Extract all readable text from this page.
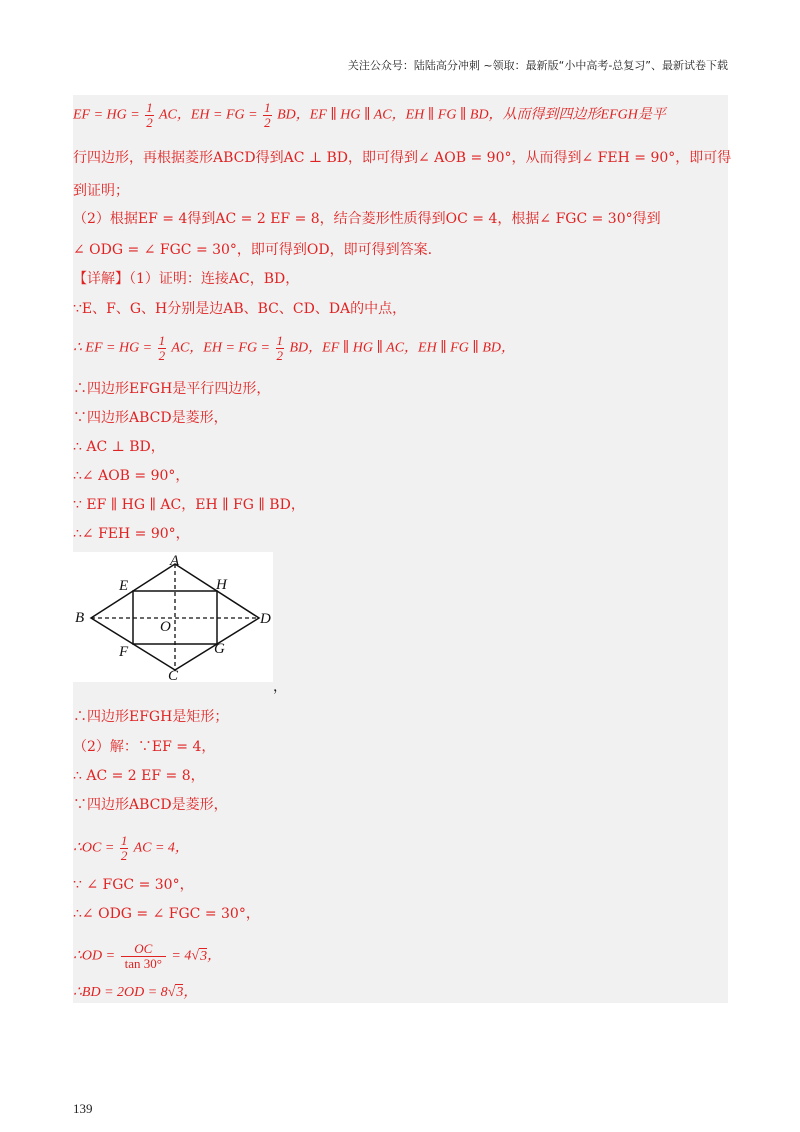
关注公众号：陆陆高分冲刺 ~领取：最新版“小中高考-总复习”、最新试卷下载
EF = HG = $\frac{1}{2}$ AC，EH = FG = $\frac{1}{2}$ BD，EF ∥ HG ∥ AC，EH ∥ FG ∥ BD，从而得到四边形EFGH是平
行四边形，再根据菱形ABCD得到AC ⊥ BD，即可得到∠ AOB = 90°，从而得到∠ FEH = 90°，即可得
到证明；
（2）根据EF = 4得到AC = 2 EF = 8，结合菱形性质得到OC = 4，根据∠ FGC = 30°得到
∠ ODG = ∠ FGC = 30°，即可得到OD，即可得到答案.
【详解】（1）证明：连接AC，BD，
∵E、F、G、H分别是边AB、BC、CD、DA的中点，
∴ EF = HG = $\frac{1}{2}$ AC，EH = FG = $\frac{1}{2}$ BD，EF ∥ HG ∥ AC，EH ∥ FG ∥ BD，
∴四边形EFGH是平行四边形，
∵四边形ABCD是菱形，
∴ AC ⊥ BD，
∴∠ AOB = 90°，
∵ EF ∥ HG ∥ AC，EH ∥ FG ∥ BD，
∴∠ FEH = 90°，
A
B
C
D
E
F	G
H
O
，
∴四边形EFGH是矩形；
（2）解：∵EF = 4，
∴ AC = 2 EF = 8，
∵四边形ABCD是菱形，
∴OC = $\frac{1}{2}$ AC = 4，
∵ ∠ FGC = 30°，
∴∠ ODG = ∠ FGC = 30°，
∴OD = $\frac{OC}{\tan 30^\circ} = 4√3$，
∴BD = 2OD = 8√3，
139
